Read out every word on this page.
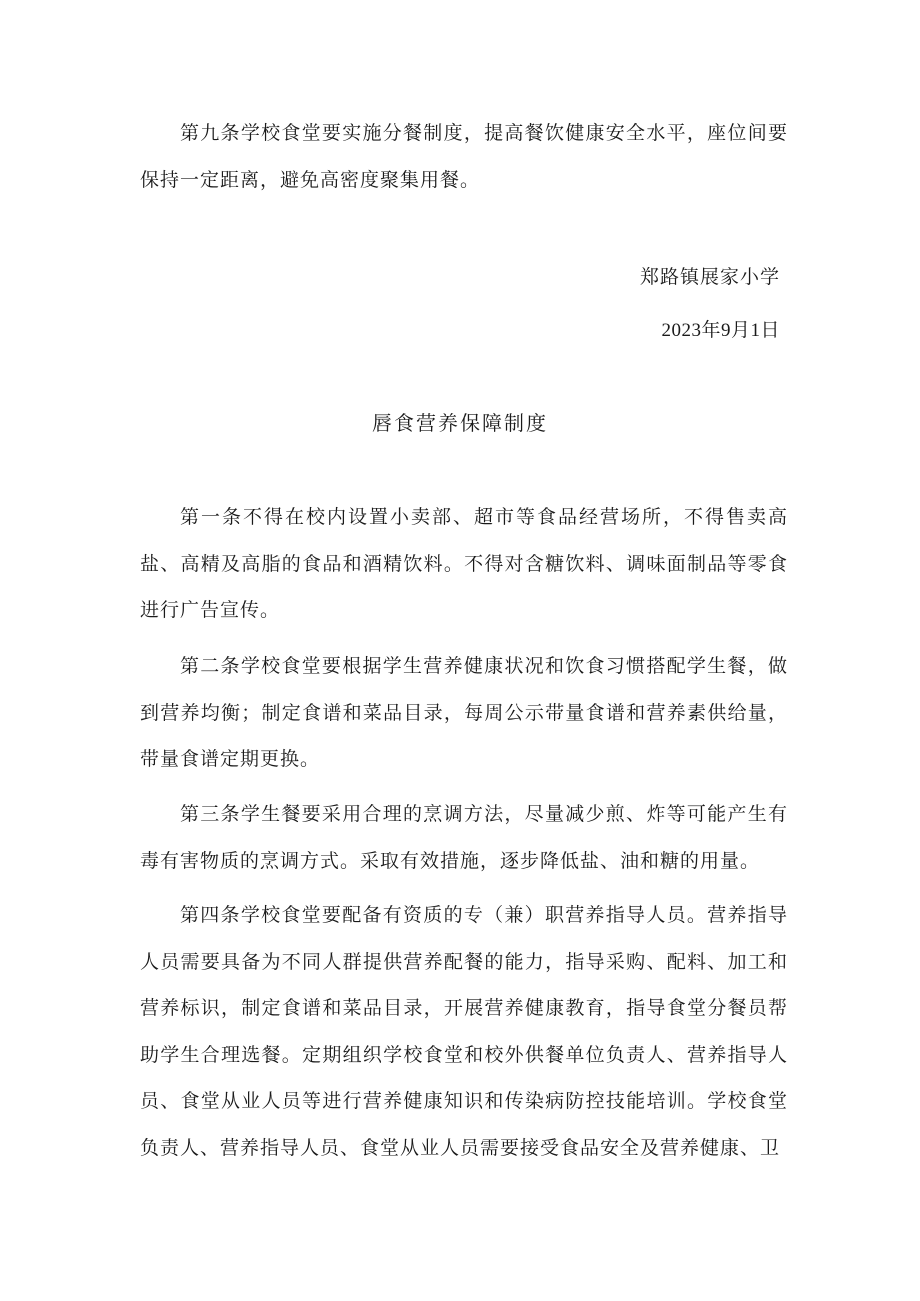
第九条学校食堂要实施分餐制度，提高餐饮健康安全水平，座位间要保持一定距离，避免高密度聚集用餐。

郑路镇展家小学

2023年9月1日

唇食营养保障制度

第一条不得在校内设置小卖部、超市等食品经营场所，不得售卖高盐、高精及高脂的食品和酒精饮料。不得对含糖饮料、调味面制品等零食进行广告宣传。

第二条学校食堂要根据学生营养健康状况和饮食习惯搭配学生餐，做到营养均衡；制定食谱和菜品目录，每周公示带量食谱和营养素供给量，带量食谱定期更换。

第三条学生餐要采用合理的烹调方法，尽量减少煎、炸等可能产生有毒有害物质的烹调方式。采取有效措施，逐步降低盐、油和糖的用量。

第四条学校食堂要配备有资质的专（兼）职营养指导人员。营养指导人员需要具备为不同人群提供营养配餐的能力，指导采购、配料、加工和营养标识，制定食谱和菜品目录，开展营养健康教育，指导食堂分餐员帮助学生合理选餐。定期组织学校食堂和校外供餐单位负责人、营养指导人员、食堂从业人员等进行营养健康知识和传染病防控技能培训。学校食堂负责人、营养指导人员、食堂从业人员需要接受食品安全及营养健康、卫
